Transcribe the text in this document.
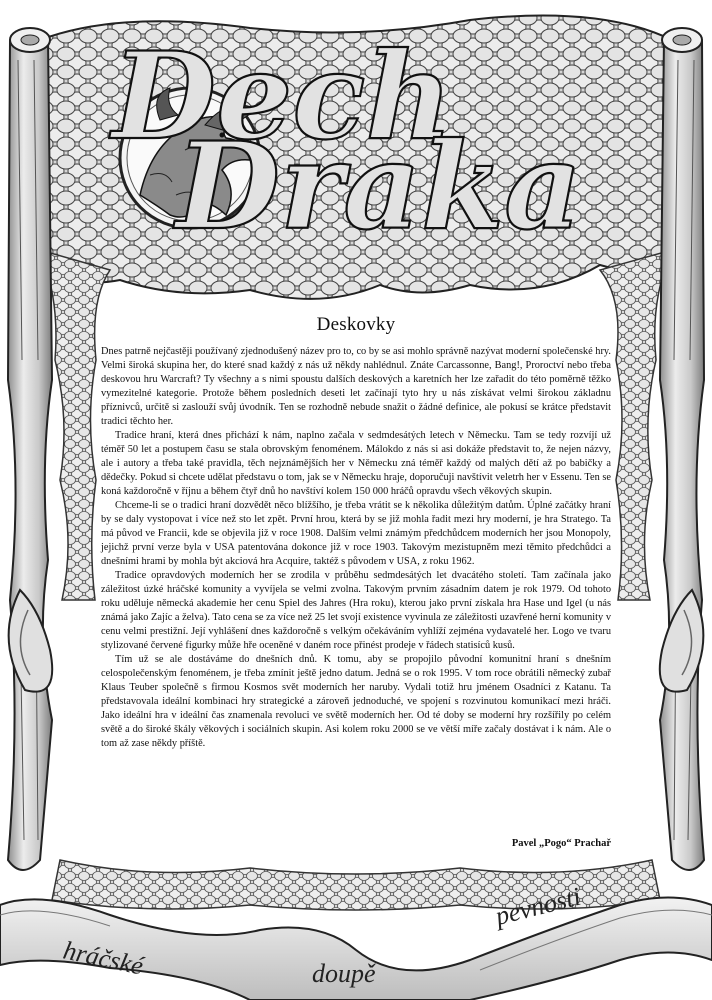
Dech
Draka
hráčské	doupě
pevnosti
Deskovky

Dnes patrně nejčastěji používaný zjednodušený název pro to, co by se asi mohlo správně nazývat moderní společenské hry. Velmi široká skupina her, do které snad každý z nás už někdy nahlédnul. Znáte Carcassonne, Bang!, Proroctví nebo třeba deskovou hru Warcraft? Ty všechny a s nimi spoustu dalších deskových a karetních her lze zařadit do této poměrně těžko vymezitelné kategorie. Protože během posledních deseti let začínají tyto hry u nás získávat velmi širokou základnu příznivců, určitě si zaslouží svůj úvodník. Ten se rozhodně nebude snažit o žádné definice, ale pokusí se krátce představit tradici těchto her.

Tradice hraní, která dnes přichází k nám, naplno začala v sedmdesátých letech v Německu. Tam se tedy rozvíjí už téměř 50 let a postupem času se stala obrovským fenoménem. Málokdo z nás si asi dokáže představit to, že nejen názvy, ale i autory a třeba také pravidla, těch nejznámějších her v Německu zná téměř každý od malých dětí až po babičky a dědečky. Pokud si chcete udělat představu o tom, jak se v Německu hraje, doporučuji navštívit veletrh her v Essenu. Ten se koná každoročně v říjnu a během čtyř dnů ho navštíví kolem 150 000 hráčů opravdu všech věkových skupin.

Chceme-li se o tradici hraní dozvědět něco blížšího, je třeba vrátit se k několika důležitým datům. Úplné začátky hraní by se daly vystopovat i více než sto let zpět. První hrou, která by se již mohla řadit mezi hry moderní, je hra Stratego. Ta má původ ve Francii, kde se objevila již v roce 1908. Dalším velmi známým předchůdcem moderních her jsou Monopoly, jejichž první verze byla v USA patentována dokonce již v roce 1903. Takovým mezistupněm mezi těmito předchůdci a dnešními hrami by mohla být akciová hra Acquire, taktéž s původem v USA, z roku 1962.

Tradice opravdových moderních her se zrodila v průběhu sedmdesátých let dvacátého století. Tam začínala jako záležitost úzké hráčské komunity a vyvíjela se velmi zvolna. Takovým prvním zásadním datem je rok 1979. Od tohoto roku uděluje německá akademie her cenu Spiel des Jahres (Hra roku), kterou jako první získala hra Hase und Igel (u nás známá jako Zajíc a želva). Tato cena se za více než 25 let svojí existence vyvinula ze záležitosti uzavřené herní komunity v cenu velmi prestižní. Její vyhlášení dnes každoročně s velkým očekáváním vyhlíží zejména vydavatelé her. Logo ve tvaru stylizované červené figurky může hře oceněné v daném roce přinést prodeje v řádech statisíců kusů.

Tím už se ale dostáváme do dnešních dnů. K tomu, aby se propojilo původní komunitní hraní s dnešním celospolečenským fenoménem, je třeba zmínit ještě jedno datum. Jedná se o rok 1995. V tom roce obrátili německý zubař Klaus Teuber společně s firmou Kosmos svět moderních her naruby. Vydali totiž hru jménem Osadníci z Katanu. Ta představovala ideální kombinaci hry strategické a zároveň jednoduché, ve spojení s rozvinutou komunikací mezi hráči. Jako ideální hra v ideální čas znamenala revoluci ve světě moderních her. Od té doby se moderní hry rozšířily po celém světě a do široké škály věkových i sociálních skupin. Asi kolem roku 2000 se ve větší míře začaly dostávat i k nám. Ale o tom až zase někdy příště.

Pavel „Pogo“ Prachař
